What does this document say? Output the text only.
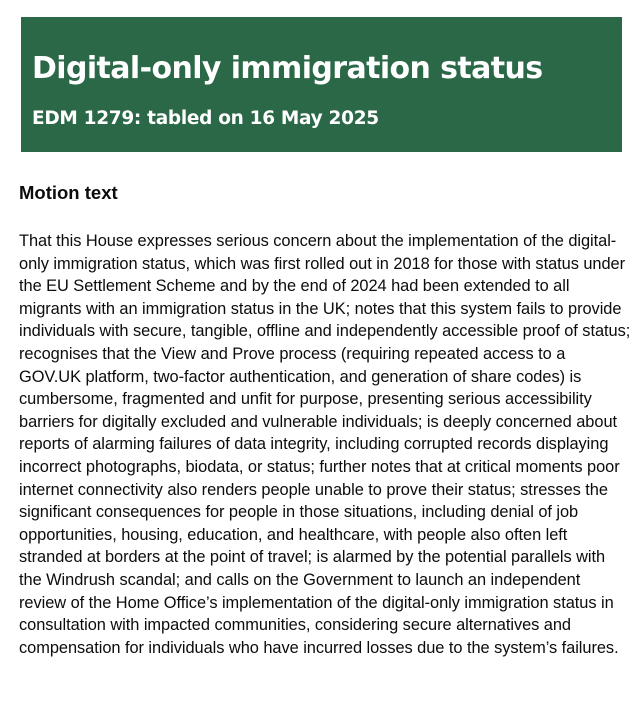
Digital-only immigration status
EDM 1279: tabled on 16 May 2025
Motion text

That this House expresses serious concern about the implementation of the digital-only immigration status, which was first rolled out in 2018 for those with status under the EU Settlement Scheme and by the end of 2024 had been extended to all migrants with an immigration status in the UK; notes that this system fails to provide individuals with secure, tangible, offline and independently accessible proof of status; recognises that the View and Prove process (requiring repeated access to a GOV.UK platform, two-factor authentication, and generation of share codes) is cumbersome, fragmented and unfit for purpose, presenting serious accessibility barriers for digitally excluded and vulnerable individuals; is deeply concerned about reports of alarming failures of data integrity, including corrupted records displaying incorrect photographs, biodata, or status; further notes that at critical moments poor internet connectivity also renders people unable to prove their status; stresses the significant consequences for people in those situations, including denial of job opportunities, housing, education, and healthcare, with people also often left stranded at borders at the point of travel; is alarmed by the potential parallels with the Windrush scandal; and calls on the Government to launch an independent review of the Home Office’s implementation of the digital-only immigration status in consultation with impacted communities, considering secure alternatives and compensation for individuals who have incurred losses due to the system’s failures.
